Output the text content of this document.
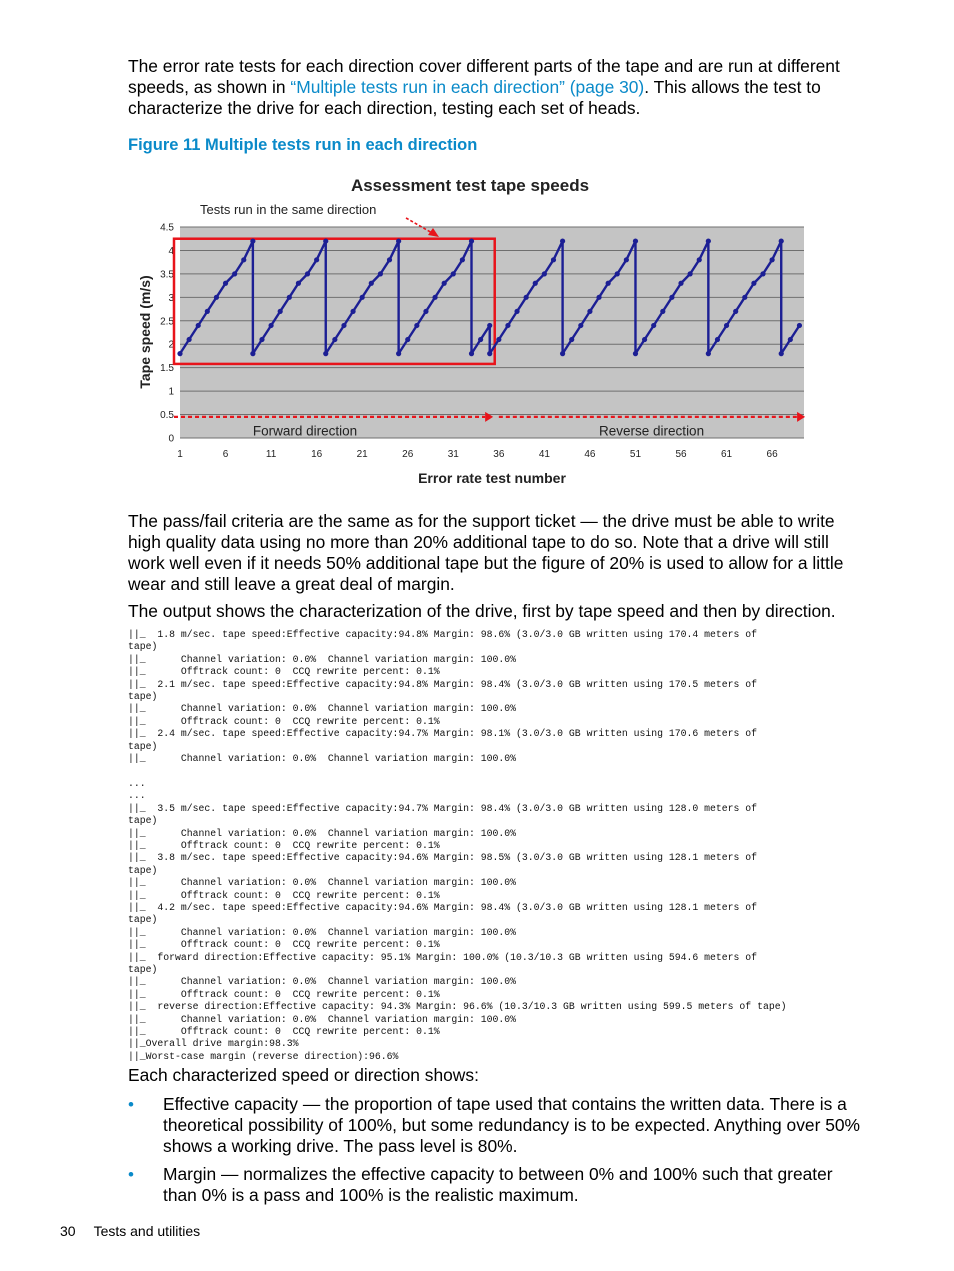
The error rate tests for each direction cover different parts of the tape and are run at different speeds, as shown in “Multiple tests run in each direction” (page 30). This allows the test to characterize the drive for each direction, testing each set of heads.
Figure 11 Multiple tests run in each direction
0
0.5
1
1.5
2
2.5
3
3.5
4
4.5
1	6	11	16	21	26	31	36	41	46	51	56	61	66
Assessment test tape speeds
Error rate test number
Tape speed (m/s)
Tests run in the same direction
Forward direction	Reverse direction
The pass/fail criteria are the same as for the support ticket — the drive must be able to write high quality data using no more than 20% additional tape to do so. Note that a drive will still work well even if it needs 50% additional tape but the figure of 20% is used to allow for a little wear and still leave a great deal of margin.
The output shows the characterization of the drive, first by tape speed and then by direction.
||_  1.8 m/sec. tape speed:Effective capacity:94.8% Margin: 98.6% (3.0/3.0 GB written using 170.4 meters of
tape)
||_      Channel variation: 0.0%  Channel variation margin: 100.0%
||_      Offtrack count: 0  CCQ rewrite percent: 0.1%
||_  2.1 m/sec. tape speed:Effective capacity:94.8% Margin: 98.4% (3.0/3.0 GB written using 170.5 meters of
tape)
||_      Channel variation: 0.0%  Channel variation margin: 100.0%
||_      Offtrack count: 0  CCQ rewrite percent: 0.1%
||_  2.4 m/sec. tape speed:Effective capacity:94.7% Margin: 98.1% (3.0/3.0 GB written using 170.6 meters of
tape)
||_      Channel variation: 0.0%  Channel variation margin: 100.0%

...
...
||_  3.5 m/sec. tape speed:Effective capacity:94.7% Margin: 98.4% (3.0/3.0 GB written using 128.0 meters of
tape)
||_      Channel variation: 0.0%  Channel variation margin: 100.0%
||_      Offtrack count: 0  CCQ rewrite percent: 0.1%
||_  3.8 m/sec. tape speed:Effective capacity:94.6% Margin: 98.5% (3.0/3.0 GB written using 128.1 meters of
tape)
||_      Channel variation: 0.0%  Channel variation margin: 100.0%
||_      Offtrack count: 0  CCQ rewrite percent: 0.1%
||_  4.2 m/sec. tape speed:Effective capacity:94.6% Margin: 98.4% (3.0/3.0 GB written using 128.1 meters of
tape)
||_      Channel variation: 0.0%  Channel variation margin: 100.0%
||_      Offtrack count: 0  CCQ rewrite percent: 0.1%
||_  forward direction:Effective capacity: 95.1% Margin: 100.0% (10.3/10.3 GB written using 594.6 meters of
tape)
||_      Channel variation: 0.0%  Channel variation margin: 100.0%
||_      Offtrack count: 0  CCQ rewrite percent: 0.1%
||_  reverse direction:Effective capacity: 94.3% Margin: 96.6% (10.3/10.3 GB written using 599.5 meters of tape)
||_      Channel variation: 0.0%  Channel variation margin: 100.0%
||_      Offtrack count: 0  CCQ rewrite percent: 0.1%
||_Overall drive margin:98.3%
||_Worst-case margin (reverse direction):96.6%
Each characterized speed or direction shows:
• Effective capacity — the proportion of tape used that contains the written data. There is a theoretical possibility of 100%, but some redundancy is to be expected. Anything over 50% shows a working drive. The pass level is 80%.
• Margin — normalizes the effective capacity to between 0% and 100% such that greater than 0% is a pass and 100% is the realistic maximum.
30 Tests and utilities
